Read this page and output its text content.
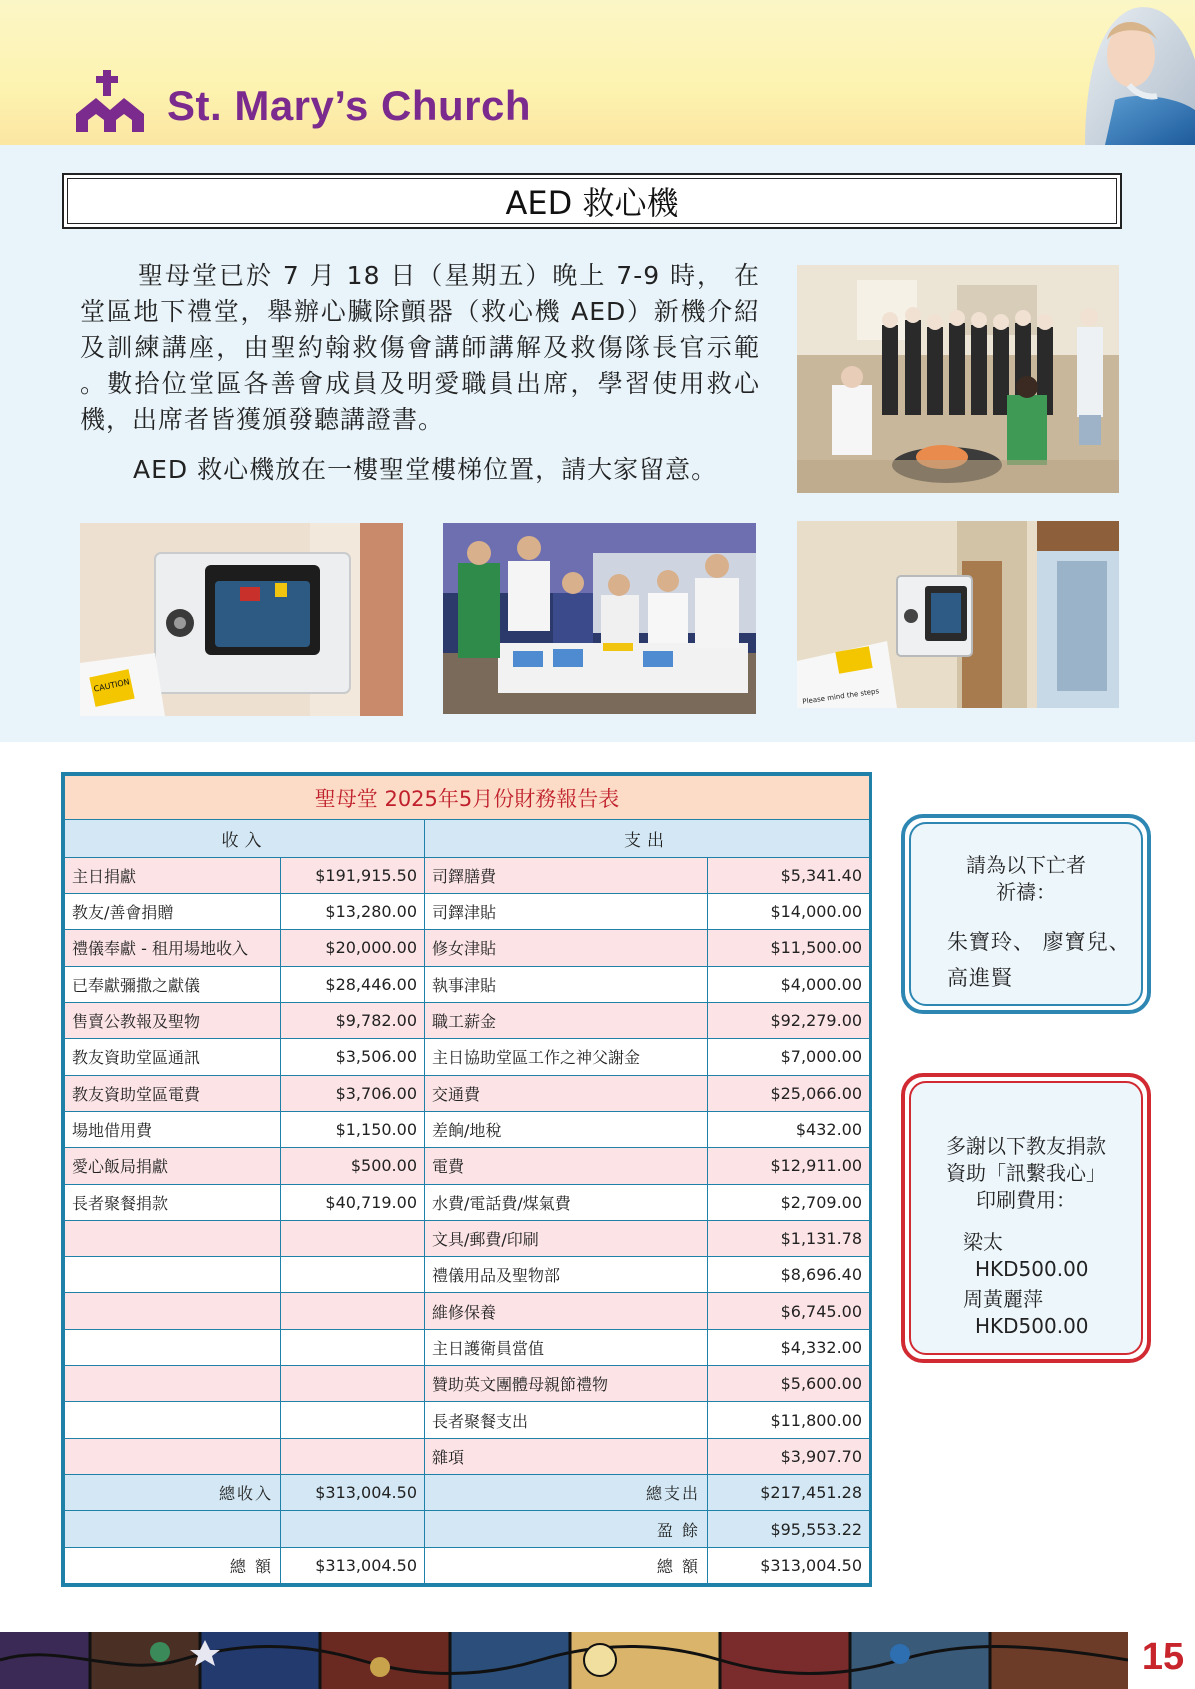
St. Mary’s Church
AED 救心機

聖母堂已於 7 月 18 日（星期五）晚上 7-9 時， 在堂區地下禮堂，舉辦心臟除顫器（救心機 AED）新機介紹及訓練講座，由聖約翰救傷會講師講解及救傷隊長官示範 。數拾位堂區各善會成員及明愛職員出席，學習使用救心機，出席者皆獲頒發聽講證書。

AED 救心機放在一樓聖堂樓梯位置，請大家留意。
CAUTION
Please mind the steps
聖母堂 2025年5月份財務報告表			
收入		支出	
主日捐獻	$191,915.50	司鐸膳費	$5,341.40
教友/善會捐贈	$13,280.00	司鐸津貼	$14,000.00
禮儀奉獻 - 租用場地收入	$20,000.00	修女津貼	$11,500.00
已奉獻彌撒之獻儀	$28,446.00	執事津貼	$4,000.00
售賣公教報及聖物	$9,782.00	職工薪金	$92,279.00
教友資助堂區通訊	$3,506.00	主日協助堂區工作之神父謝金	$7,000.00
教友資助堂區電費	$3,706.00	交通費	$25,066.00
場地借用費	$1,150.00	差餉/地稅	$432.00
愛心飯局捐獻	$500.00	電費	$12,911.00
長者聚餐捐款	$40,719.00	水費/電話費/煤氣費	$2,709.00
		文具/郵費/印刷	$1,131.78
		禮儀用品及聖物部	$8,696.40
		維修保養	$6,745.00
		主日護衛員當值	$4,332.00
		贊助英文團體母親節禮物	$5,600.00
		長者聚餐支出	$11,800.00
		雜項	$3,907.70
總收入	$313,004.50	總支出	$217,451.28
		盈 餘	$95,553.22
總 額	$313,004.50	總 額	$313,004.50
請為以下亡者
祈禱：
朱寶玲、 廖寶兒、
高進賢
多謝以下教友捐款
資助「訊繫我心」
印刷費用：
梁太
HKD500.00
周黃麗萍
HKD500.00
15
